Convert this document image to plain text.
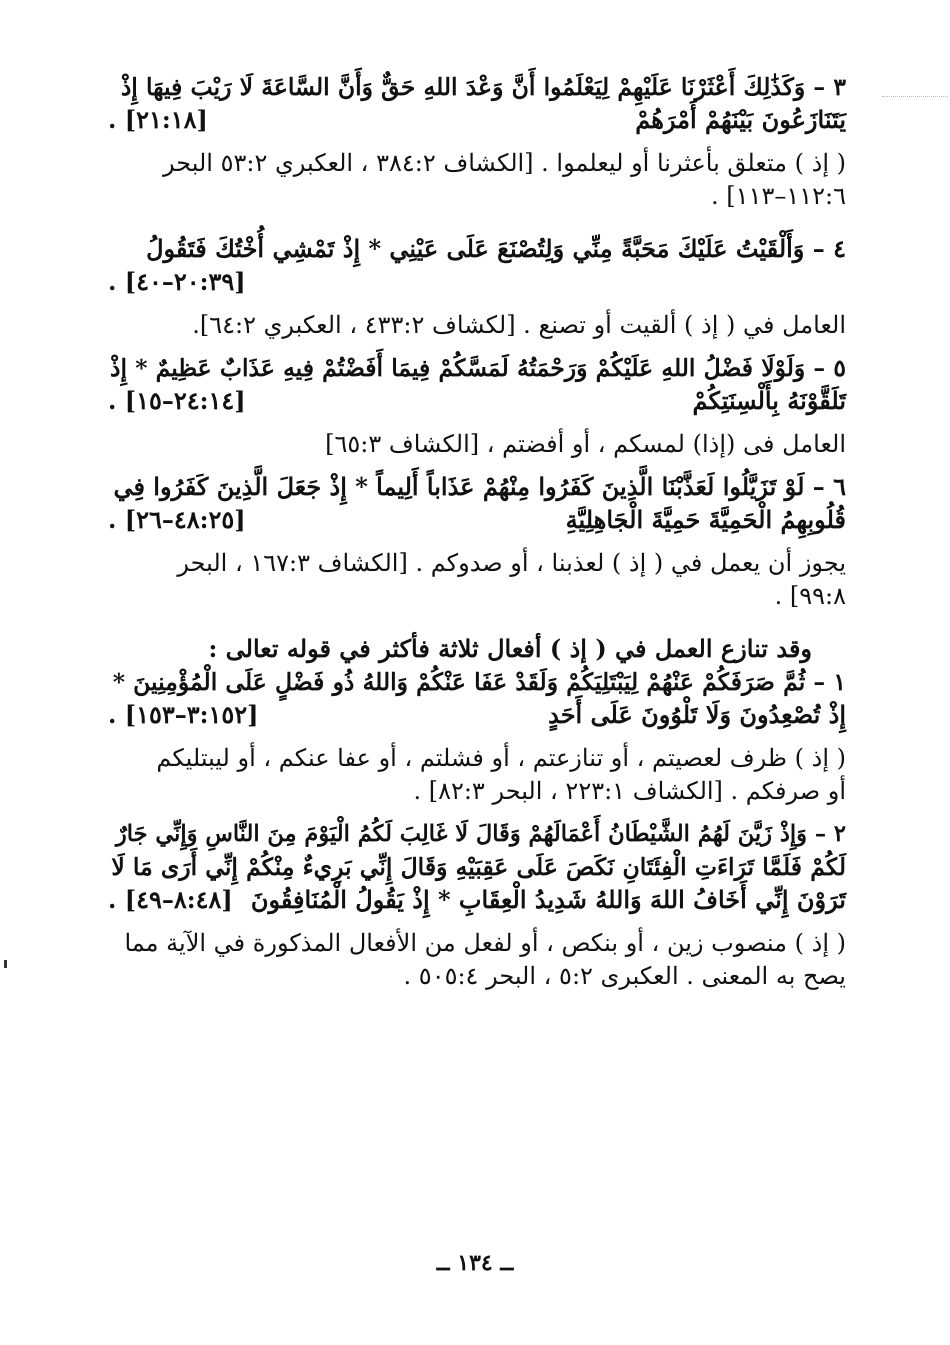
٣ – وَكَذَٰلِكَ أَعْثَرْنَا عَلَيْهِمْ لِيَعْلَمُوا أَنَّ وَعْدَ اللهِ حَقٌّ وَأَنَّ السَّاعَةَ لَا رَيْبَ فِيهَا إِذْ
يَتَنَازَعُونَ بَيْنَهُمْ أَمْرَهُمْ
[٢١:١٨] .
( إذ ) متعلق بأعثرنا أو ليعلموا . [الكشاف ٣٨٤:٢ ، العكبري ٥٣:٢ البحر
١١٢:٦–١١٣] .
٤ – وَأَلْقَيْتُ عَلَيْكَ مَحَبَّةً مِنِّي وَلِتُصْنَعَ عَلَى عَيْنِي * إِذْ تَمْشِي أُخْتُكَ فَتَقُولُ
[٢٠:٣٩–٤٠] .
العامل في ( إذ ) ألقيت أو تصنع . [لكشاف ٤٣٣:٢ ، العكبري ٦٤:٢].
٥ – وَلَوْلَا فَضْلُ اللهِ عَلَيْكُمْ وَرَحْمَتُهُ لَمَسَّكُمْ فِيمَا أَفَضْتُمْ فِيهِ عَذَابٌ عَظِيمٌ * إِذْ
تَلَقَّوْنَهُ بِأَلْسِنَتِكُمْ
[٢٤:١٤–١٥] .
العامل فى (إذا) لمسكم ، أو أفضتم ، [الكشاف ٦٥:٣]
٦ – لَوْ تَزَيَّلُوا لَعَذَّبْنَا الَّذِينَ كَفَرُوا مِنْهُمْ عَذَاباً أَلِيماً * إِذْ جَعَلَ الَّذِينَ كَفَرُوا فِي
قُلُوبِهِمُ الْحَمِيَّةَ حَمِيَّةَ الْجَاهِلِيَّةِ
[٤٨:٢٥–٢٦] .
يجوز أن يعمل في ( إذ ) لعذبنا ، أو صدوكم . [الكشاف ١٦٧:٣ ، البحر
٩٩:٨] .
وقد تنازع العمل في ( إذ ) أفعال ثلاثة فأكثر في قوله تعالى :
١ – ثُمَّ صَرَفَكُمْ عَنْهُمْ لِيَبْتَلِيَكُمْ وَلَقَدْ عَفَا عَنْكُمْ وَاللهُ ذُو فَضْلٍ عَلَى الْمُؤْمِنِينَ *
إِذْ تُصْعِدُونَ وَلَا تَلْوُونَ عَلَى أَحَدٍ
[٣:١٥٢–١٥٣] .
( إذ ) ظرف لعصيتم ، أو تنازعتم ، أو فشلتم ، أو عفا عنكم ، أو ليبتليكم
أو صرفكم . [الكشاف ٢٢٣:١ ، البحر ٨٢:٣] .
٢ – وَإِذْ زَيَّنَ لَهُمُ الشَّيْطَانُ أَعْمَالَهُمْ وَقَالَ لَا غَالِبَ لَكُمُ الْيَوْمَ مِنَ النَّاسِ وَإِنِّي جَارٌ
لَكُمْ فَلَمَّا تَرَاءَتِ الْفِئَتَانِ نَكَصَ عَلَى عَقِبَيْهِ وَقَالَ إِنِّي بَرِيءٌ مِنْكُمْ إِنِّي أَرَى مَا لَا
تَرَوْنَ إِنِّي أَخَافُ اللهَ وَاللهُ شَدِيدُ الْعِقَابِ * إِذْ يَقُولُ الْمُنَافِقُونَ
[٨:٤٨–٤٩] .
( إذ ) منصوب زين ، أو بنكص ، أو لفعل من الأفعال المذكورة في الآية مما
يصح به المعنى . العكبرى ٥:٢ ، البحر ٥٠٥:٤ .
ــ ١٣٤ ــ
